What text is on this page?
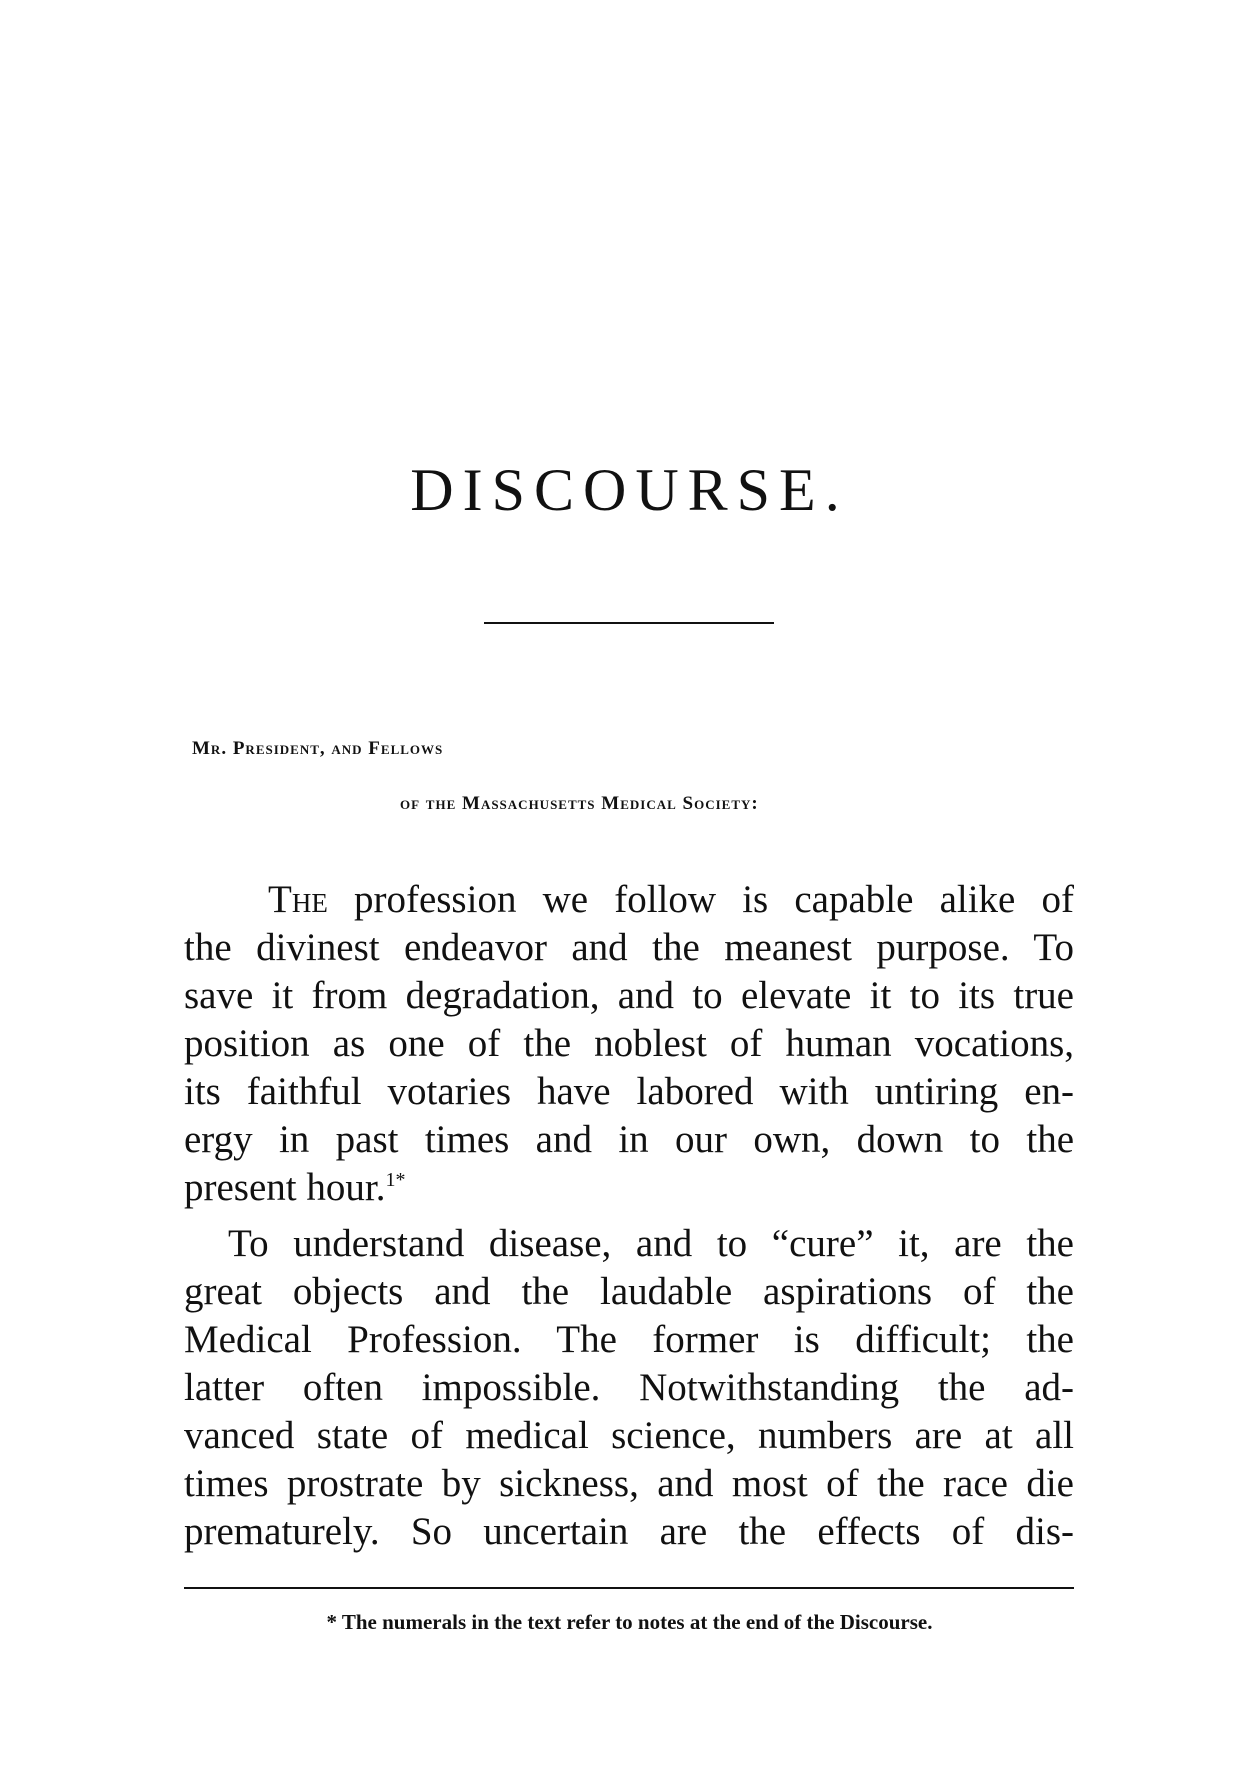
DISCOURSE.

Mr. President, and Fellows

of the Massachusetts Medical Society:

The profession we follow is capable alike of
the divinest endeavor and the meanest purpose. To
save it from degradation, and to elevate it to its true
position as one of the noblest of human vocations,
its faithful votaries have labored with untiring en-
ergy in past times and in our own, down to the
present hour.$^{1*}$
To understand disease, and to “cure” it, are the
great objects and the laudable aspirations of the
Medical Profession. The former is difficult; the
latter often impossible. Notwithstanding the ad-
vanced state of medical science, numbers are at all
times prostrate by sickness, and most of the race die
prematurely. So uncertain are the effects of dis-

* The numerals in the text refer to notes at the end of the Discourse.
